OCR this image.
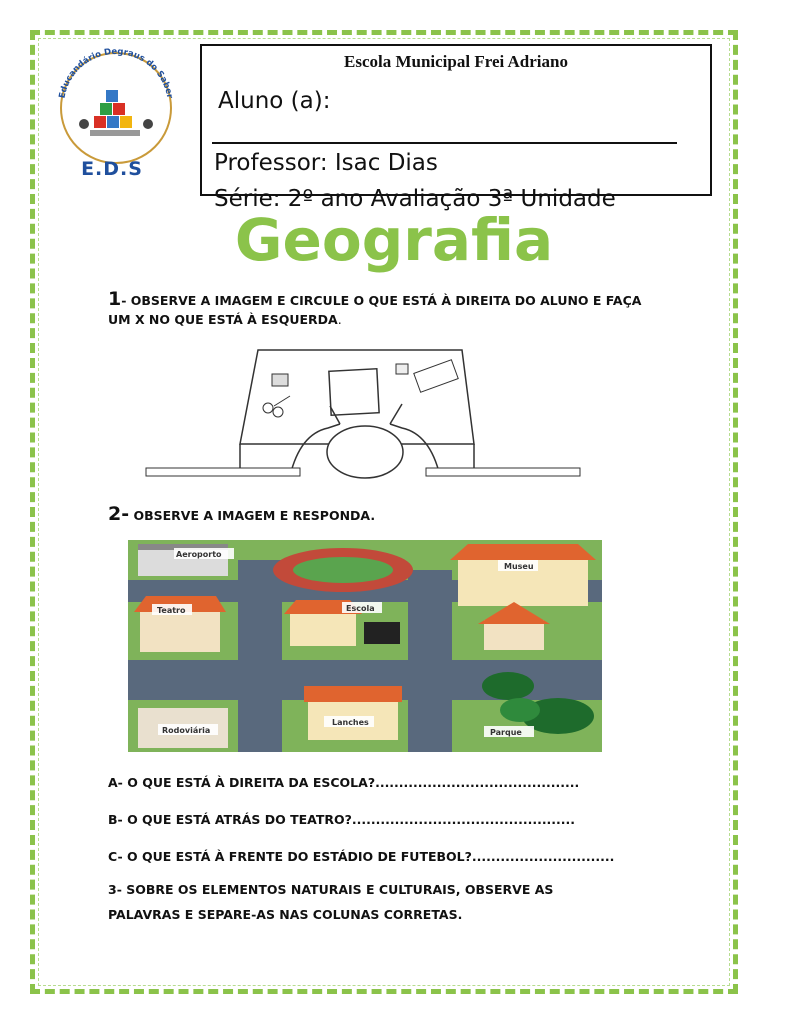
Educandário Degraus do Saber
E.D.S
Escola Municipal Frei Adriano
Aluno (a):
Professor: Isac Dias
Série: 2º ano Avaliação 3ª Unidade
Geografia
1- OBSERVE A IMAGEM E CIRCULE O QUE ESTÁ À DIREITA DO ALUNO E FAÇA UM X NO QUE ESTÁ À ESQUERDA.
2- OBSERVE A IMAGEM E RESPONDA.
Aeroporto
Museu
Teatro	Escola
Lanches
Rodoviária	Parque
A- O QUE ESTÁ À DIREITA DA ESCOLA?...........................................
B- O QUE ESTÁ ATRÁS DO TEATRO?...............................................
C- O QUE ESTÁ À FRENTE DO ESTÁDIO DE FUTEBOL?..............................
3- SOBRE OS ELEMENTOS NATURAIS E CULTURAIS, OBSERVE AS
PALAVRAS E SEPARE-AS NAS COLUNAS CORRETAS.
